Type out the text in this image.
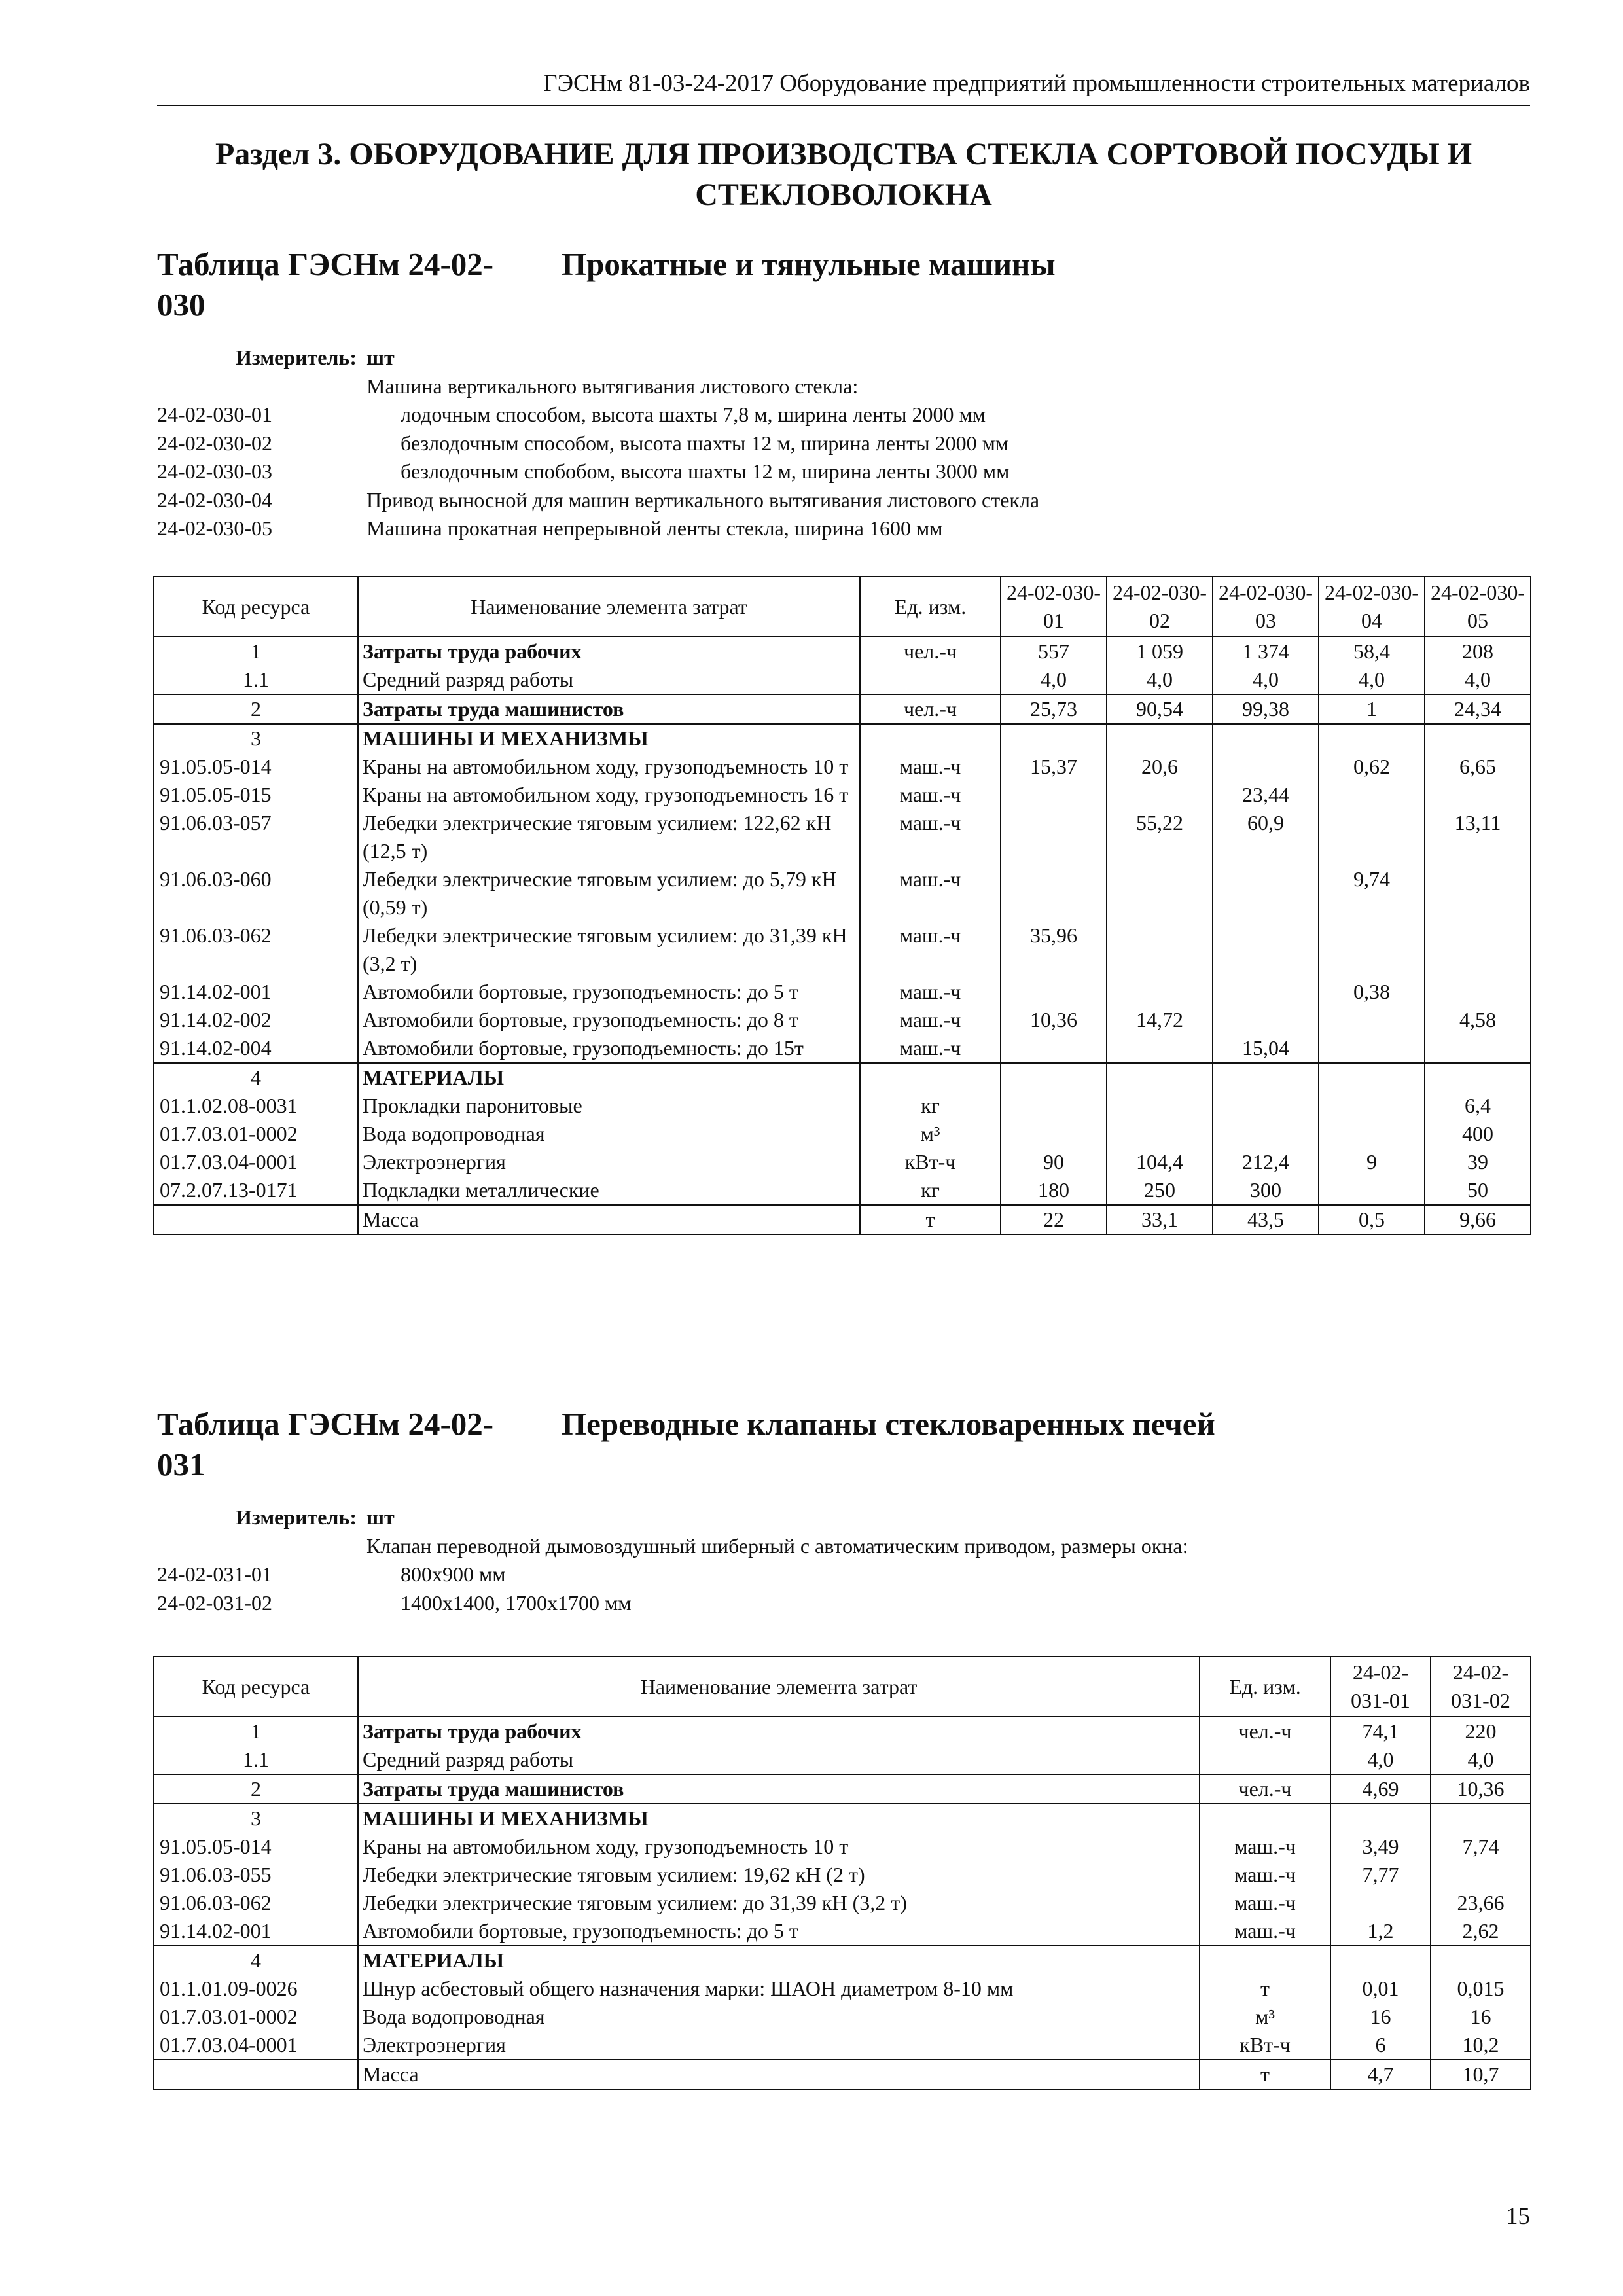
ГЭСНм 81-03-24-2017 Оборудование предприятий промышленности строительных материалов
Раздел 3. ОБОРУДОВАНИЕ ДЛЯ ПРОИЗВОДСТВА СТЕКЛА СОРТОВОЙ ПОСУДЫ И СТЕКЛОВОЛОКНА
Таблица ГЭСНм 24-02-030
Прокатные и тянульные машины
Измеритель: шт
Машина вертикального вытягивания листового стекла:
24-02-030-01	лодочным способом, высота шахты 7,8 м, ширина ленты 2000 мм
24-02-030-02	безлодочным способом, высота шахты 12 м, ширина ленты 2000 мм
24-02-030-03	безлодочным спобобом, высота шахты 12 м, ширина ленты 3000 мм
24-02-030-04	Привод выносной для машин вертикального вытягивания листового стекла
24-02-030-05	Машина прокатная непрерывной ленты стекла, ширина 1600 мм
Код ресурса	Наименование элемента затрат	Ед. изм.	24-02-030-01	24-02-030-02	24-02-030-03	24-02-030-04	24-02-030-05
1	Затраты труда рабочих	чел.-ч	557	1 059	1 374	58,4	208
1.1	Средний разряд работы		4,0	4,0	4,0	4,0	4,0
2	Затраты труда машинистов	чел.-ч	25,73	90,54	99,38	1	24,34
3	МАШИНЫ И МЕХАНИЗМЫ						
91.05.05-014	Краны на автомобильном ходу, грузоподъемность 10 т	маш.-ч	15,37	20,6		0,62	6,65
91.05.05-015	Краны на автомобильном ходу, грузоподъемность 16 т	маш.-ч			23,44		
91.06.03-057	Лебедки электрические тяговым усилием: 122,62 кН (12,5 т)	маш.-ч		55,22	60,9		13,11
91.06.03-060	Лебедки электрические тяговым усилием: до 5,79 кН (0,59 т)	маш.-ч				9,74	
91.06.03-062	Лебедки электрические тяговым усилием: до 31,39 кН (3,2 т)	маш.-ч	35,96				
91.14.02-001	Автомобили бортовые, грузоподъемность: до 5 т	маш.-ч				0,38	
91.14.02-002	Автомобили бортовые, грузоподъемность: до 8 т	маш.-ч	10,36	14,72			4,58
91.14.02-004	Автомобили бортовые, грузоподъемность: до 15т	маш.-ч			15,04		
4	МАТЕРИАЛЫ						
01.1.02.08-0031	Прокладки паронитовые	кг					6,4
01.7.03.01-0002	Вода водопроводная	м³					400
01.7.03.04-0001	Электроэнергия	кВт-ч	90	104,4	212,4	9	39
07.2.07.13-0171	Подкладки металлические	кг	180	250	300		50
	Масса	т	22	33,1	43,5	0,5	9,66
Таблица ГЭСНм 24-02-031
Переводные клапаны стекловаренных печей
Измеритель: шт
Клапан переводной дымовоздушный шиберный с автоматическим приводом, размеры окна:
24-02-031-01	800х900 мм
24-02-031-02	1400х1400, 1700х1700 мм
Код ресурса	Наименование элемента затрат	Ед. изм.	24-02-031-01	24-02-031-02
1	Затраты труда рабочих	чел.-ч	74,1	220
1.1	Средний разряд работы		4,0	4,0
2	Затраты труда машинистов	чел.-ч	4,69	10,36
3	МАШИНЫ И МЕХАНИЗМЫ			
91.05.05-014	Краны на автомобильном ходу, грузоподъемность 10 т	маш.-ч	3,49	7,74
91.06.03-055	Лебедки электрические тяговым усилием: 19,62 кН (2 т)	маш.-ч	7,77	
91.06.03-062	Лебедки электрические тяговым усилием: до 31,39 кН (3,2 т)	маш.-ч		23,66
91.14.02-001	Автомобили бортовые, грузоподъемность: до 5 т	маш.-ч	1,2	2,62
4	МАТЕРИАЛЫ			
01.1.01.09-0026	Шнур асбестовый общего назначения марки: ШАОН диаметром 8-10 мм	т	0,01	0,015
01.7.03.01-0002	Вода водопроводная	м³	16	16
01.7.03.04-0001	Электроэнергия	кВт-ч	6	10,2
	Масса	т	4,7	10,7
15
